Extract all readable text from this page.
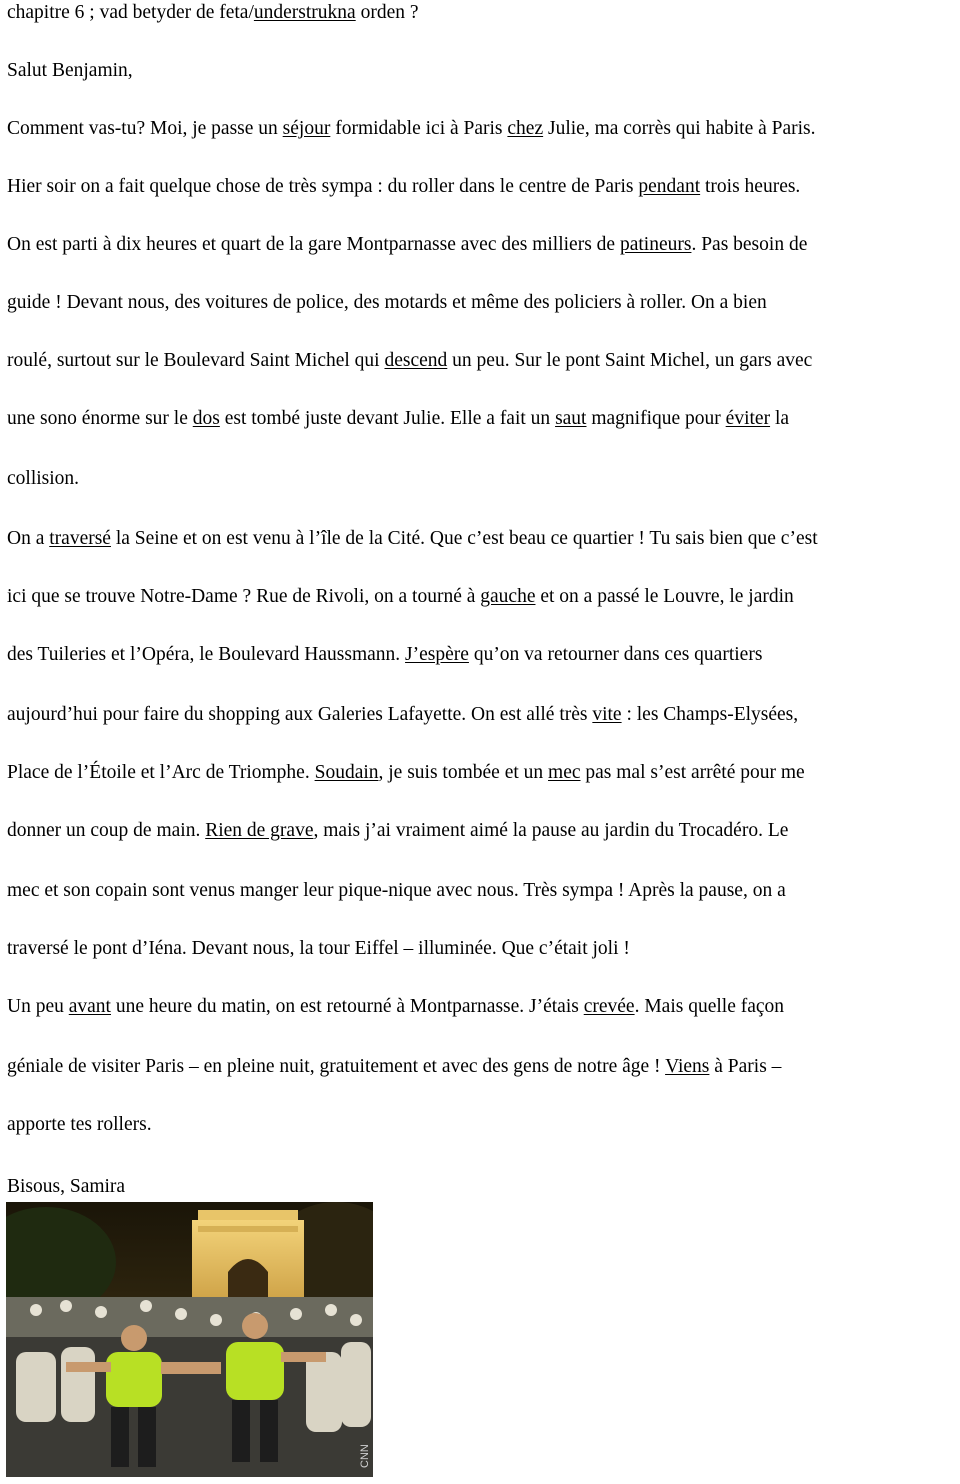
chapitre 6 ; vad betyder de feta/understrukna orden ?
Salut Benjamin,
Comment vas-tu? Moi, je passe un séjour formidable ici à Paris chez Julie, ma corrès qui habite à Paris.
Hier soir on a fait quelque chose de très sympa : du roller dans le centre de Paris pendant trois heures.
On est parti à dix heures et quart de la gare Montparnasse avec des milliers de patineurs. Pas besoin de
guide ! Devant nous, des voitures de police, des motards et même des policiers à roller. On a bien
roulé, surtout sur le Boulevard Saint Michel qui descend un peu. Sur le pont Saint Michel, un gars avec
une sono énorme sur le dos est tombé juste devant Julie. Elle a fait un saut magnifique pour éviter la
collision.
On a traversé la Seine et on est venu à l’île de la Cité. Que c’est beau ce quartier ! Tu sais bien que c’est
ici que se trouve Notre-Dame ? Rue de Rivoli, on a tourné à gauche et on a passé le Louvre, le jardin
des Tuileries et l’Opéra, le Boulevard Haussmann. J’espère qu’on va retourner dans ces quartiers
aujourd’hui pour faire du shopping aux Galeries Lafayette. On est allé très vite : les Champs-Elysées,
Place de l’Étoile et l’Arc de Triomphe. Soudain, je suis tombée et un mec pas mal s’est arrêté pour me
donner un coup de main. Rien de grave, mais j’ai vraiment aimé la pause au jardin du Trocadéro. Le
mec et son copain sont venus manger leur pique-nique avec nous. Très sympa ! Après la pause, on a
traversé le pont d’Iéna. Devant nous, la tour Eiffel – illuminée. Que c’était joli !
Un peu avant une heure du matin, on est retourné à Montparnasse. J’étais crevée. Mais quelle façon
géniale de visiter Paris – en pleine nuit, gratuitement et avec des gens de notre âge ! Viens à Paris –
apporte tes rollers.
Bisous, Samira
CNN
